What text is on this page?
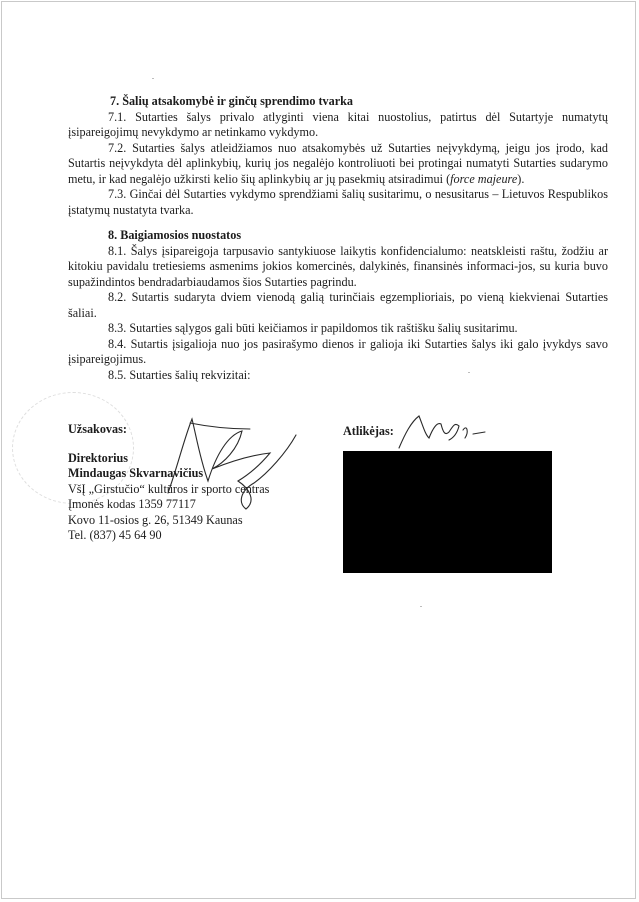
7. Šalių atsakomybė ir ginčų sprendimo tvarka

7.1. Sutarties šalys privalo atlyginti viena kitai nuostolius, patirtus dėl Sutartyje numatytų įsipareigojimų nevykdymo ar netinkamo vykdymo.

7.2. Sutarties šalys atleidžiamos nuo atsakomybės už Sutarties neįvykdymą, jeigu jos įrodo, kad Sutartis neįvykdyta dėl aplinkybių, kurių jos negalėjo kontroliuoti bei protingai numatyti Sutarties sudarymo metu, ir kad negalėjo užkirsti kelio šių aplinkybių ar jų pasekmių atsiradimui (force majeure).

7.3. Ginčai dėl Sutarties vykdymo sprendžiami šalių susitarimu, o nesusitarus – Lietuvos Respublikos įstatymų nustatyta tvarka.

8. Baigiamosios nuostatos

8.1. Šalys įsipareigoja tarpusavio santykiuose laikytis konfidencialumo: neatskleisti raštu, žodžiu ar kitokiu pavidalu tretiesiems asmenims jokios komercinės, dalykinės, finansinės informaci-jos, su kuria buvo supažindintos bendradarbiaudamos šios Sutarties pagrindu.

8.2. Sutartis sudaryta dviem vienodą galią turinčiais egzemplioriais, po vieną kiekvienai Sutarties šaliai.

8.3. Sutarties sąlygos gali būti keičiamos ir papildomos tik raštišku šalių susitarimu.

8.4. Sutartis įsigalioja nuo jos pasirašymo dienos ir galioja iki Sutarties šalys iki galo įvykdys savo įsipareigojimus.

8.5. Sutarties šalių rekvizitai:

Užsakovas:
Direktorius
Mindaugas Skvarnavičius
VšĮ „Girstučio“ kultūros ir sporto centras
Įmonės kodas 1359 77117
Kovo 11-osios g. 26, 51349 Kaunas
Tel. (837) 45 64 90
Atlikėjas:
